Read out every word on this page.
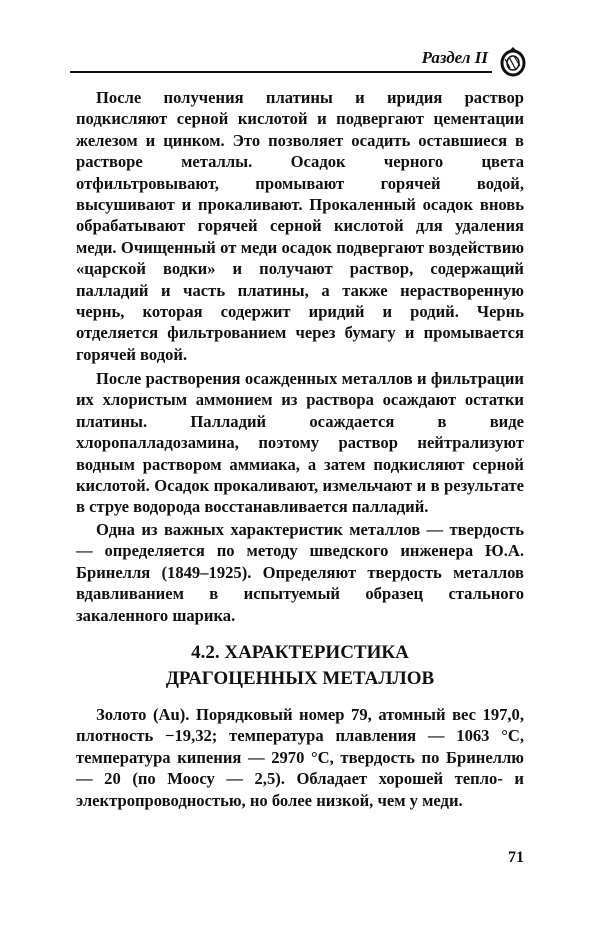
Раздел II

После получения платины и иридия раствор подкисляют серной кислотой и подвергают цементации железом и цинком. Это позволяет осадить оставшиеся в растворе металлы. Осадок черного цвета отфильтровывают, промывают горячей водой, высушивают и прокаливают. Прокаленный осадок вновь обрабатывают горячей серной кислотой для удаления меди. Очищенный от меди осадок подвергают воздействию «царской водки» и получают раствор, содержащий палладий и часть платины, а также нерастворенную чернь, которая содержит иридий и родий. Чернь отделяется фильтрованием через бумагу и промывается горячей водой.

После растворения осажденных металлов и фильтрации их хлористым аммонием из раствора осаждают остатки платины. Палладий осаждается в виде хлоропалладозамина, поэтому раствор нейтрализуют водным раствором аммиака, а затем подкисляют серной кислотой. Осадок прокаливают, измельчают и в результате в струе водорода восстанавливается палладий.

Одна из важных характеристик металлов — твердость — определяется по методу шведского инженера Ю.А. Бринелля (1849–1925). Определяют твердость металлов вдавливанием в испытуемый образец стального закаленного шарика.

4.2. ХАРАКТЕРИСТИКА
ДРАГОЦЕННЫХ МЕТАЛЛОВ

Золото (Au). Порядковый номер 79, атомный вес 197,0, плотность −19,32; температура плавления — 1063 °С, температура кипения — 2970 °С, твердость по Бринеллю — 20 (по Моосу — 2,5). Обладает хорошей тепло- и электропроводностью, но более низкой, чем у меди.

71
